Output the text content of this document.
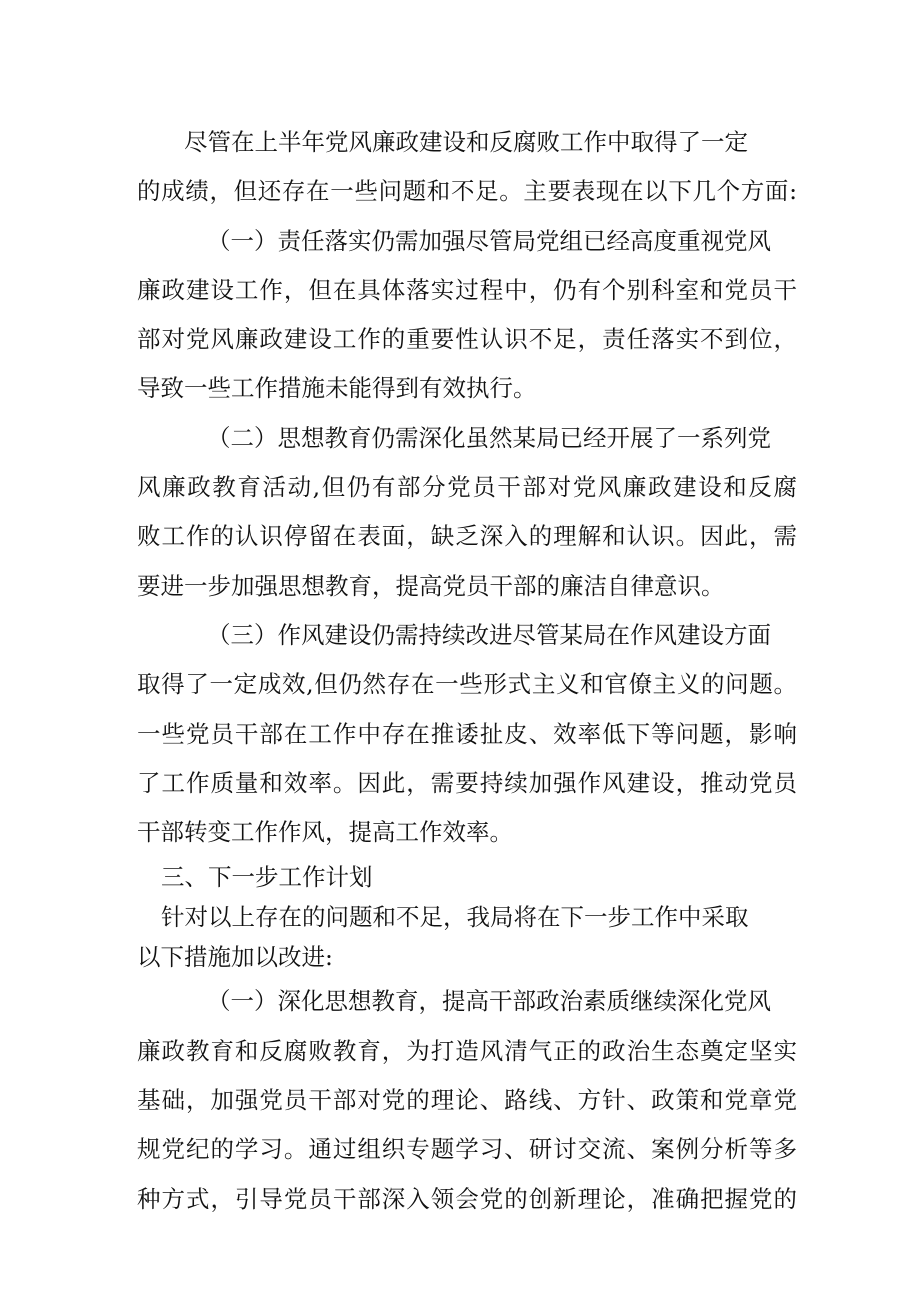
尽管在上半年党风廉政建设和反腐败工作中取得了一定
的成绩，但还存在一些问题和不足。主要表现在以下几个方面:
（一）责任落实仍需加强尽管局党组已经高度重视党风
廉政建设工作，但在具体落实过程中，仍有个别科室和党员干
部对党风廉政建设工作的重要性认识不足，责任落实不到位，
导致一些工作措施未能得到有效执行。
（二）思想教育仍需深化虽然某局已经开展了一系列党
风廉政教育活动,但仍有部分党员干部对党风廉政建设和反腐
败工作的认识停留在表面，缺乏深入的理解和认识。因此，需
要进一步加强思想教育，提高党员干部的廉洁自律意识。
（三）作风建设仍需持续改进尽管某局在作风建设方面
取得了一定成效,但仍然存在一些形式主义和官僚主义的问题。
一些党员干部在工作中存在推诿扯皮、效率低下等问题，影响
了工作质量和效率。因此，需要持续加强作风建设，推动党员
干部转变工作作风，提高工作效率。
三、下一步工作计划
针对以上存在的问题和不足，我局将在下一步工作中采取
以下措施加以改进:
（一）深化思想教育，提高干部政治素质继续深化党风
廉政教育和反腐败教育，为打造风清气正的政治生态奠定坚实
基础，加强党员干部对党的理论、路线、方针、政策和党章党
规党纪的学习。通过组织专题学习、研讨交流、案例分析等多
种方式，引导党员干部深入领会党的创新理论，准确把握党的
